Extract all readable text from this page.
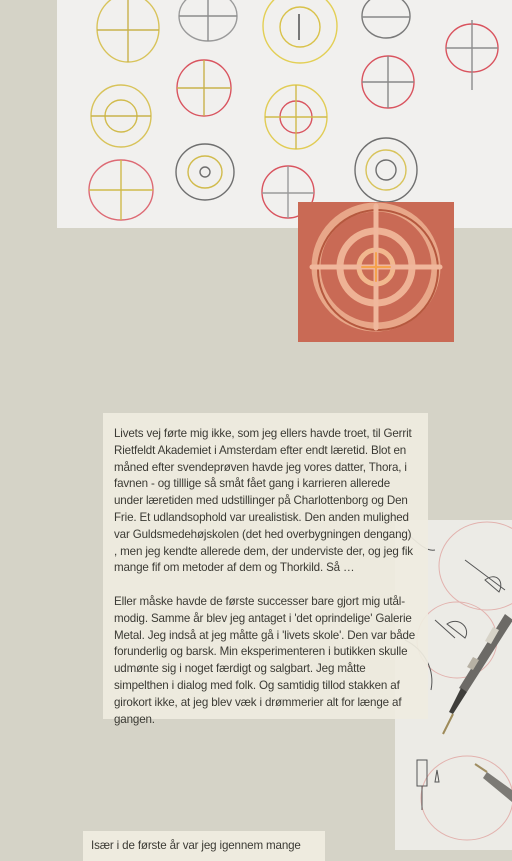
Livets vej førte mig ikke, som jeg ellers havde troet, til Gerrit Rietfeldt Akademiet i Amsterdam efter endt læretid. Blot en måned efter svendeprøven havde jeg vores datter, Thora, i favnen - og tilllige så småt fået gang i karrieren allerede under læretiden med udstillinger på Charlottenborg og Den Frie. Et udlandsophold var urealistisk. Den anden mulighed var Guldsmedehøjskolen (det hed overbygningen dengang) , men jeg kendte allerede dem, der underviste der, og jeg fik mange fif om metoder af dem og Thorkild. Så …

Eller måske havde de første successer bare gjort mig utål-modig. Samme år blev jeg antaget i 'det oprindelige' Galerie Metal. Jeg indså at jeg måtte gå i 'livets skole'. Den var både forunderlig og barsk. Min eksperimenteren i butikken skulle udmønte sig i noget færdigt og salgbart. Jeg måtte simpelthen i dialog med folk. Og samtidig tillod stakken af girokort ikke, at jeg blev væk i drømmerier alt for længe af gangen.

Især i de første år var jeg igennem mange
